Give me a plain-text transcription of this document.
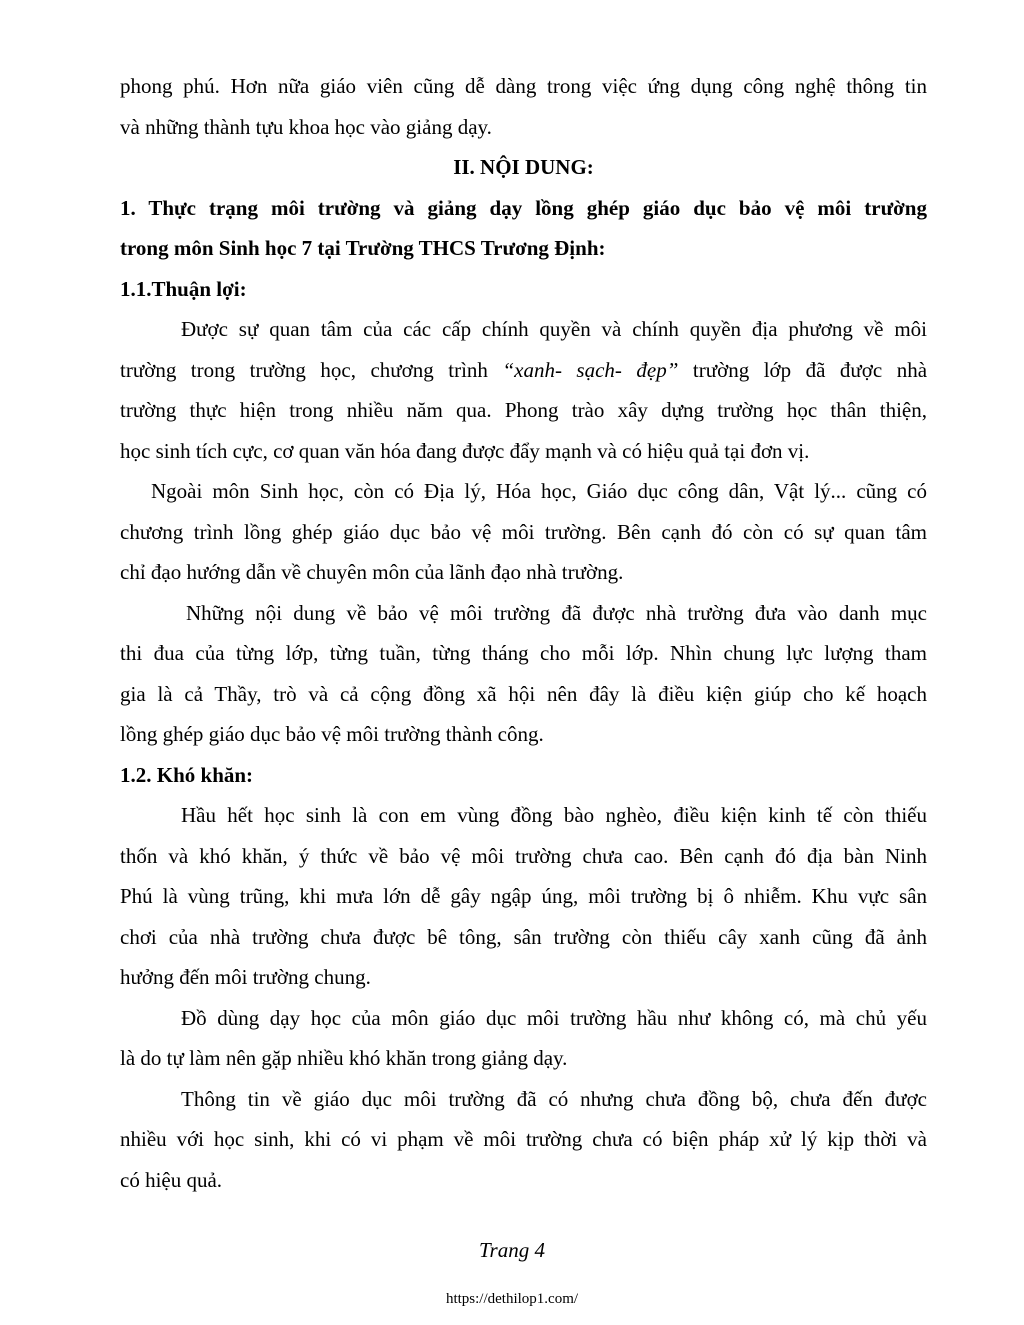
phong phú. Hơn nữa giáo viên cũng dễ dàng trong việc ứng dụng công nghệ thông tin
và những thành tựu khoa học vào giảng dạy.
II. NỘI DUNG:
1. Thực trạng môi trường và giảng dạy lồng ghép giáo dục bảo vệ môi trường
trong môn Sinh học 7 tại Trường THCS Trương Định:
1.1.Thuận lợi:
Được sự quan tâm của các cấp chính quyền và chính quyền địa phương về môi
trường trong trường học, chương trình “xanh- sạch- đẹp” trường lớp đã được nhà
trường thực hiện trong nhiều năm qua. Phong trào xây dựng trường học thân thiện,
học sinh tích cực, cơ quan văn hóa đang được đẩy mạnh và có hiệu quả tại đơn vị.
Ngoài môn Sinh học, còn có Địa lý, Hóa học, Giáo dục công dân, Vật lý... cũng có
chương trình lồng ghép giáo dục bảo vệ môi trường. Bên cạnh đó còn có sự quan tâm
chỉ đạo hướng dẫn về chuyên môn của lãnh đạo nhà trường.
Những nội dung về bảo vệ môi trường đã được nhà trường đưa vào danh mục
thi đua của từng lớp, từng tuần, từng tháng cho mỗi lớp. Nhìn chung lực lượng tham
gia là cả Thầy, trò và cả cộng đồng xã hội nên đây là điều kiện giúp cho kế hoạch
lồng ghép giáo dục bảo vệ môi trường thành công.
1.2. Khó khăn:
Hầu hết học sinh là con em vùng đồng bào nghèo, điều kiện kinh tế còn thiếu
thốn và khó khăn, ý thức về bảo vệ môi trường chưa cao. Bên cạnh đó địa bàn Ninh
Phú là vùng trũng, khi mưa lớn dễ gây ngập úng, môi trường bị ô nhiễm. Khu vực sân
chơi của nhà trường chưa được bê tông, sân trường còn thiếu cây xanh cũng đã ảnh
hưởng đến môi trường chung.
Đồ dùng dạy học của môn giáo dục môi trường hầu như không có, mà chủ yếu
là do tự làm nên gặp nhiều khó khăn trong giảng dạy.
Thông tin về giáo dục môi trường đã có nhưng chưa đồng bộ, chưa đến được
nhiều với học sinh, khi có vi phạm về môi trường chưa có biện pháp xử lý kịp thời và
có hiệu quả.
Trang 4
https://dethilop1.com/
